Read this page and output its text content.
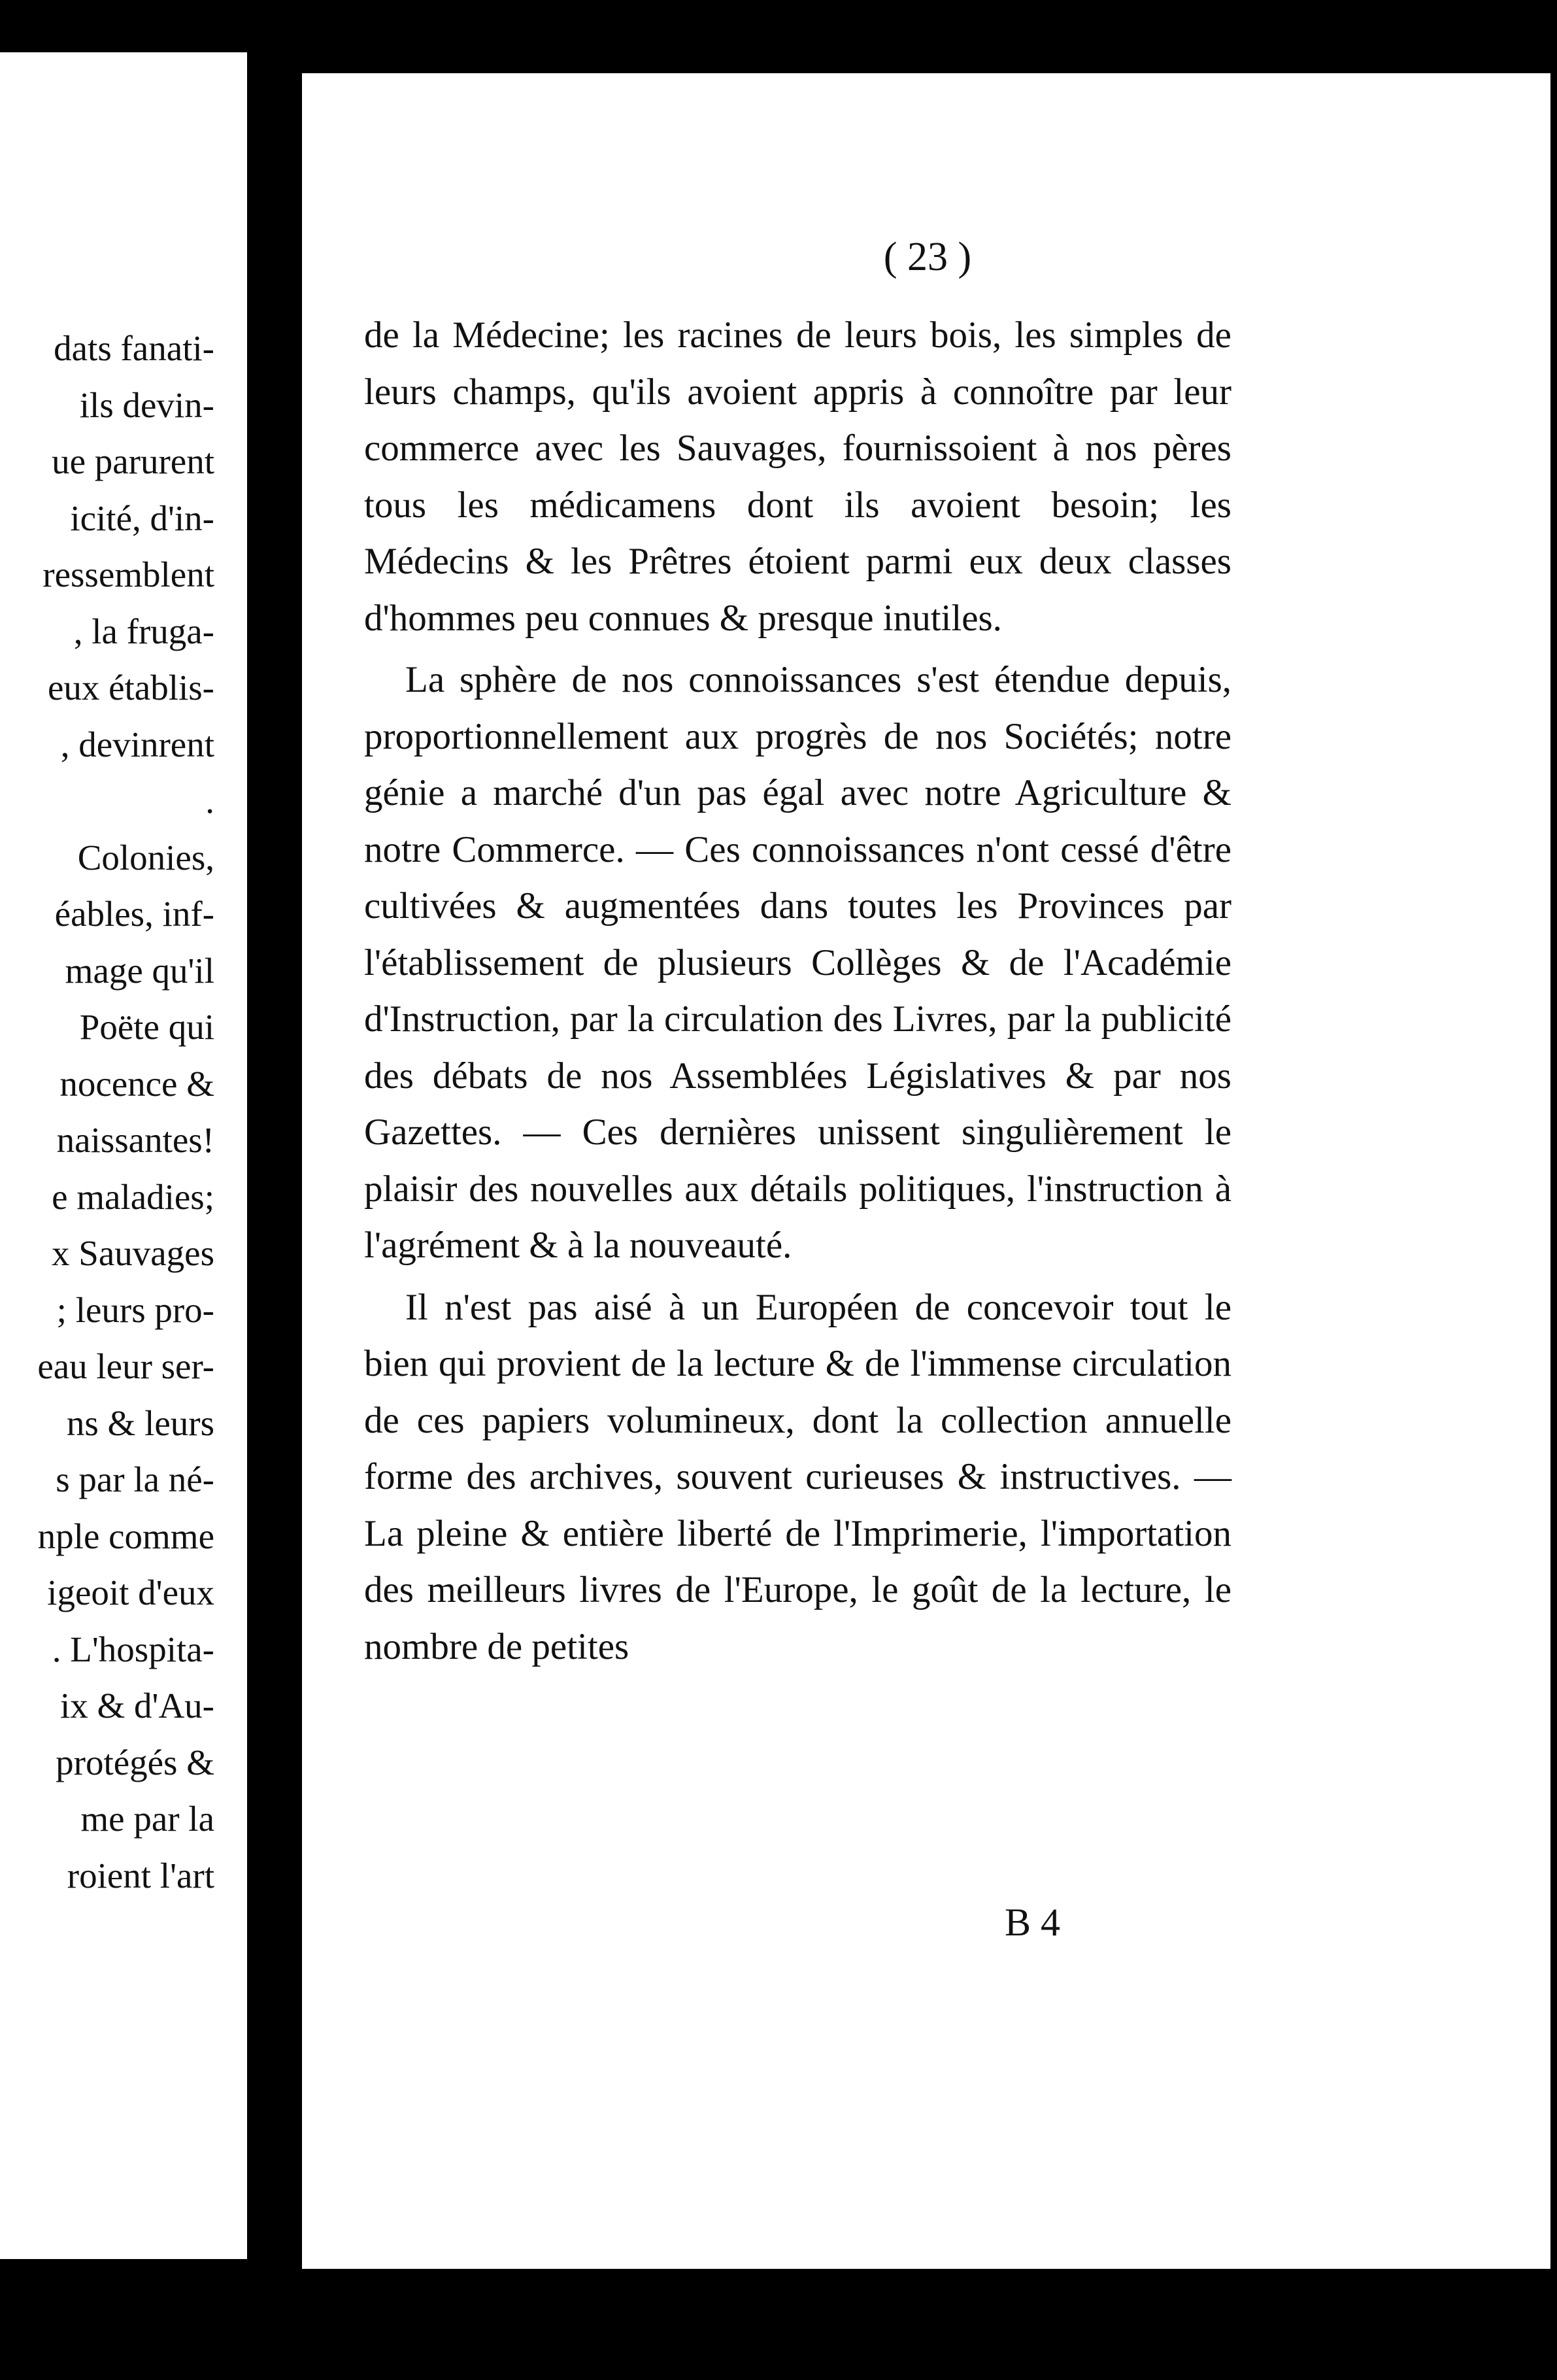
dats fanati-
ils devin-
ue parurent
icité, d'in-
ressemblent
, la fruga-
eux établis-
, devinrent
.
Colonies,
éables, inf-
mage qu'il
Poëte qui
nocence &
naissantes!
e maladies;
x Sauvages
; leurs pro-
eau leur ser-
ns & leurs
s par la né-
nple comme
igeoit d'eux
. L'hospita-
ix & d'Au-
protégés &
me par la
roient l'art
( 23 )

de la Médecine; les racines de leurs bois, les simples de leurs champs, qu'ils avoient appris à connoître par leur commerce avec les Sauvages, fournissoient à nos pères tous les médicamens dont ils avoient besoin; les Médecins & les Prêtres étoient parmi eux deux classes d'hommes peu connues & presque inutiles.

La sphère de nos connoissances s'est étendue depuis, proportionnellement aux progrès de nos Sociétés; notre génie a marché d'un pas égal avec notre Agriculture & notre Commerce. — Ces connoissances n'ont cessé d'être cultivées & augmentées dans toutes les Provinces par l'établissement de plusieurs Collèges & de l'Académie d'Instruction, par la circulation des Livres, par la publicité des débats de nos Assemblées Législatives & par nos Gazettes. — Ces dernières unissent singulièrement le plaisir des nouvelles aux détails politiques, l'instruction à l'agrément & à la nouveauté.

Il n'est pas aisé à un Européen de concevoir tout le bien qui provient de la lecture & de l'immense circulation de ces papiers volumineux, dont la collection annuelle forme des archives, souvent curieuses & instructives. — La pleine & entière liberté de l'Imprimerie, l'importation des meilleurs livres de l'Europe, le goût de la lecture, le nombre de petites

B 4
